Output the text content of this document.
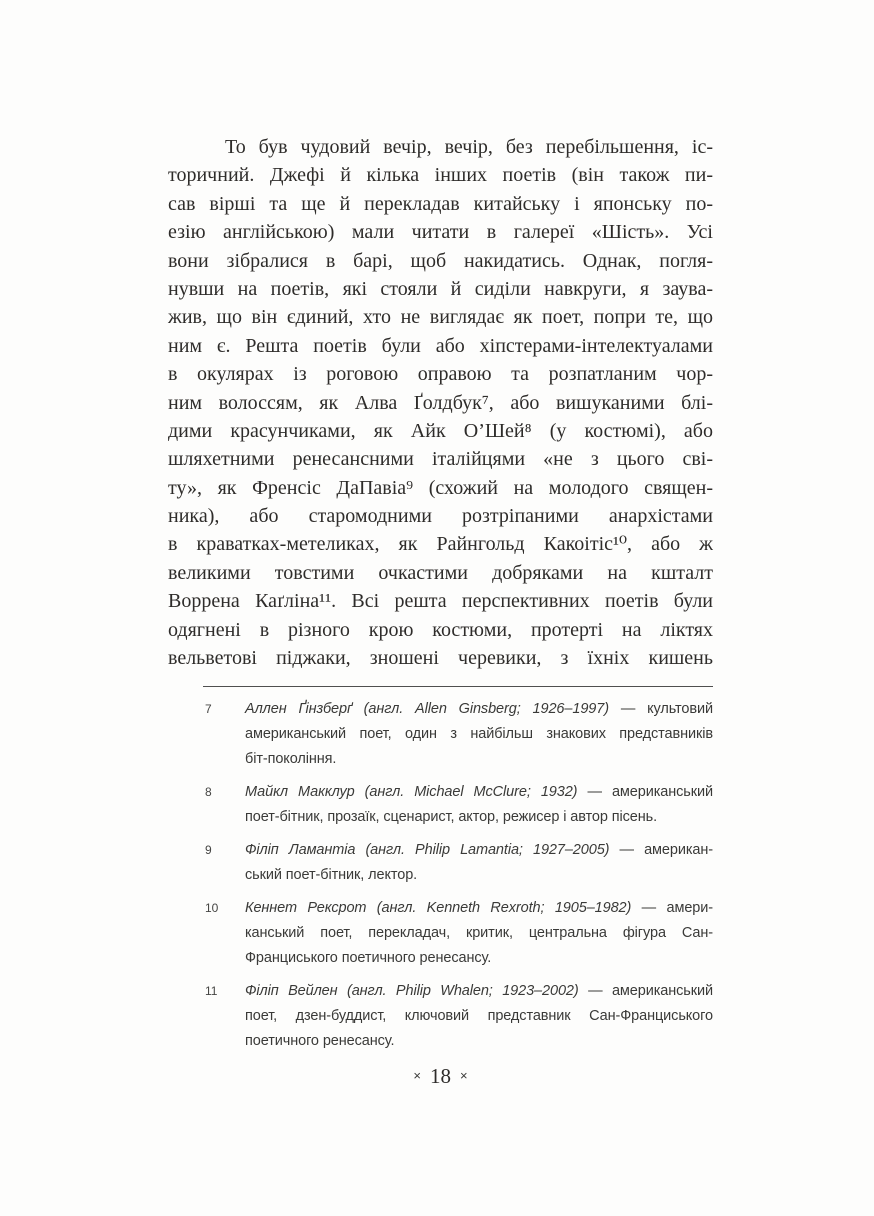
То був чудовий вечір, вечір, без перебільшення, іс-
торичний. Джефі й кілька інших поетів (він також пи-
сав вірші та ще й перекладав китайську і японську по-
езію англійською) мали читати в галереї «Шість». Усі
вони зібралися в барі, щоб накидатись. Однак, погля-
нувши на поетів, які стояли й сиділи навкруги, я заува-
жив, що він єдиний, хто не виглядає як поет, попри те, що
ним є. Решта поетів були або хіпстерами-інтелектуалами
в окулярах із роговою оправою та розпатланим чор-
ним волоссям, як Алва Ґолдбук⁷, або вишуканими блі-
дими красунчиками, як Айк О’Шей⁸ (у костюмі), або
шляхетними ренесансними італійцями «не з цього сві-
ту», як Френсіс ДаПавіа⁹ (схожий на молодого священ-
ника), або старомодними розтріпаними анархістами
в краватках-метеликах, як Райнгольд Какоітіс¹⁰, або ж
великими товстими очкастими добряками на кшталт
Воррена Каґліна¹¹. Всі решта перспективних поетів були
одягнені в різного крою костюми, протерті на ліктях
вельветові піджаки, зношені черевики, з їхніх кишень
7 Аллен Ґінзберґ (англ. Allen Ginsberg; 1926–1997) — культовий
американський поет, один з найбільш знакових представників
біт-покоління.
8 Майкл Макклур (англ. Michael McClure; 1932) — американський
поет-бітник, прозаїк, сценарист, актор, режисер і автор пісень.
9 Філіп Ламантіа (англ. Philip Lamantia; 1927–2005) — американ-
ський поет-бітник, лектор.
10 Кеннет Рексрот (англ. Kenneth Rexroth; 1905–1982) — амери-
канський поет, перекладач, критик, центральна фігура Сан-
Франциського поетичного ренесансу.
11 Філіп Вейлен (англ. Philip Whalen; 1923–2002) — американський
поет, дзен-буддист, ключовий представник Сан-Франциського
поетичного ренесансу.
× 18 ×
